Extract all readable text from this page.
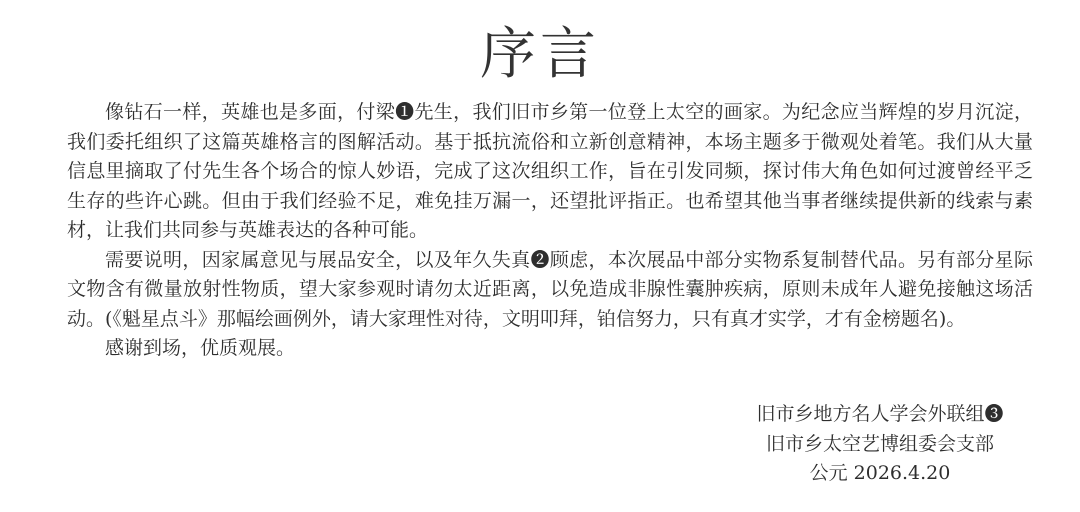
序言

像钻石一样，英雄也是多面，付梁❶先生，我们旧市乡第一位登上太空的画家。为纪念应当辉煌的岁月沉淀，我们委托组织了这篇英雄格言的图解活动。基于抵抗流俗和立新创意精神，本场主题多于微观处着笔。我们从大量信息里摘取了付先生各个场合的惊人妙语，完成了这次组织工作，旨在引发同频，探讨伟大角色如何过渡曾经平乏生存的些许心跳。但由于我们经验不足，难免挂万漏一，还望批评指正。也希望其他当事者继续提供新的线索与素材，让我们共同参与英雄表达的各种可能。

需要说明，因家属意见与展品安全，以及年久失真❷顾虑，本次展品中部分实物系复制替代品。另有部分星际文物含有微量放射性物质，望大家参观时请勿太近距离，以免造成非腺性囊肿疾病，原则未成年人避免接触这场活动。(《魁星点斗》那幅绘画例外，请大家理性对待，文明叩拜，铂信努力，只有真才实学，才有金榜题名)。

感谢到场，优质观展。

旧市乡地方名人学会外联组❸
旧市乡太空艺博组委会支部
公元 2026.4.20
